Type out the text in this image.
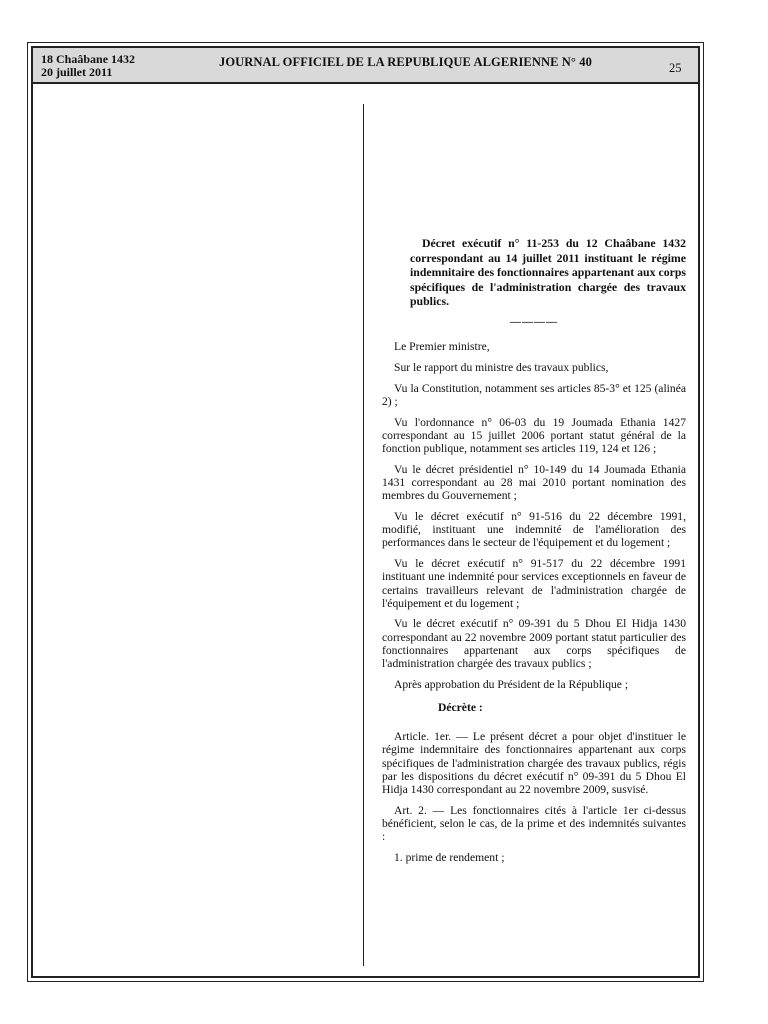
18 Chaâbane 1432
20 juillet 2011
JOURNAL OFFICIEL DE LA REPUBLIQUE ALGERIENNE N° 40	25

Décret exécutif n° 11-253 du 12 Chaâbane 1432 correspondant au 14 juillet 2011 instituant le régime indemnitaire des fonctionnaires appartenant aux corps spécifiques de l'administration chargée des travaux publics.

————

Le Premier ministre,

Sur le rapport du ministre des travaux publics,

Vu la Constitution, notamment ses articles 85-3° et 125 (alinéa 2) ;

Vu l'ordonnance n° 06-03 du 19 Joumada Ethania 1427 correspondant au 15 juillet 2006 portant statut général de la fonction publique, notamment ses articles 119, 124 et 126 ;

Vu le décret présidentiel n° 10-149 du 14 Joumada Ethania 1431 correspondant au 28 mai 2010 portant nomination des membres du Gouvernement ;

Vu le décret exécutif n° 91-516 du 22 décembre 1991, modifié, instituant une indemnité de l'amélioration des performances dans le secteur de l'équipement et du logement ;

Vu le décret exécutif n° 91-517 du 22 décembre 1991 instituant une indemnité pour services exceptionnels en faveur de certains travailleurs relevant de l'administration chargée de l'équipement et du logement ;

Vu le décret exécutif n° 09-391 du 5 Dhou El Hidja 1430 correspondant au 22 novembre 2009 portant statut particulier des fonctionnaires appartenant aux corps spécifiques de l'administration chargée des travaux publics ;

Après approbation du Président de la République ;

Décrète :

Article. 1er. — Le présent décret a pour objet d'instituer le régime indemnitaire des fonctionnaires appartenant aux corps spécifiques de l'administration chargée des travaux publics, régis par les dispositions du décret exécutif n° 09-391 du 5 Dhou El Hidja 1430 correspondant au 22 novembre 2009, susvisé.

Art. 2. — Les fonctionnaires cités à l'article 1er ci-dessus bénéficient, selon le cas, de la prime et des indemnités suivantes :

1. prime de rendement ;
